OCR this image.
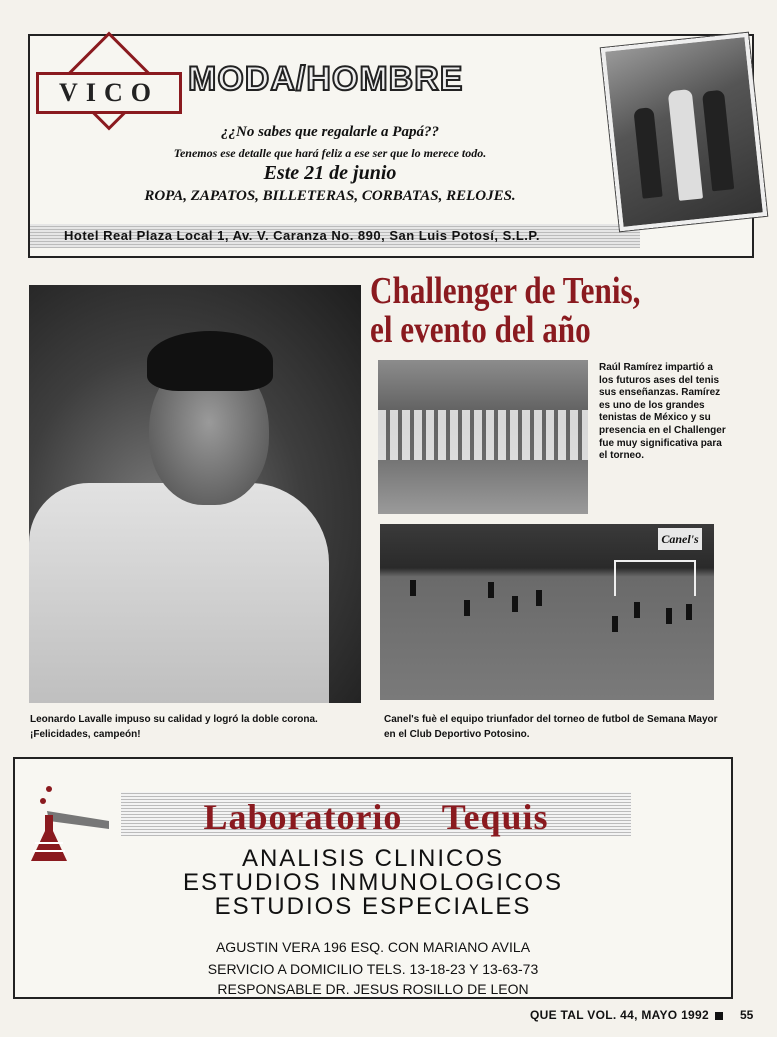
VICO MODA/HOMBRE
¿¿No sabes que regalarle a Papá??
Tenemos ese detalle que hará feliz a ese ser que lo merece todo.
Este 21 de junio
ROPA, ZAPATOS, BILLETERAS, CORBATAS, RELOJES.
Hotel Real Plaza Local 1, Av. V. Caranza No. 890, San Luis Potosí, S.L.P.
Challenger de Tenis,
el evento del año
Raúl Ramírez impartió a los futuros ases del tenis sus enseñanzas. Ramírez es uno de los grandes tenistas de México y su presencia en el Challenger fue muy significativa para el torneo.
Canel's
Leonardo Lavalle impuso su calidad y logró la doble corona. ¡Felicidades, campeón!
Canel's fuè el equipo triunfador del torneo de futbol de Semana Mayor en el Club Deportivo Potosino.
Laboratorio Tequis
ANALISIS CLINICOS
ESTUDIOS INMUNOLOGICOS
ESTUDIOS ESPECIALES
AGUSTIN VERA 196 ESQ. CON MARIANO AVILA
SERVICIO A DOMICILIO TELS. 13-18-23 Y 13-63-73
RESPONSABLE DR. JESUS ROSILLO DE LEON
QUE TAL VOL. 44, MAYO 1992	55
